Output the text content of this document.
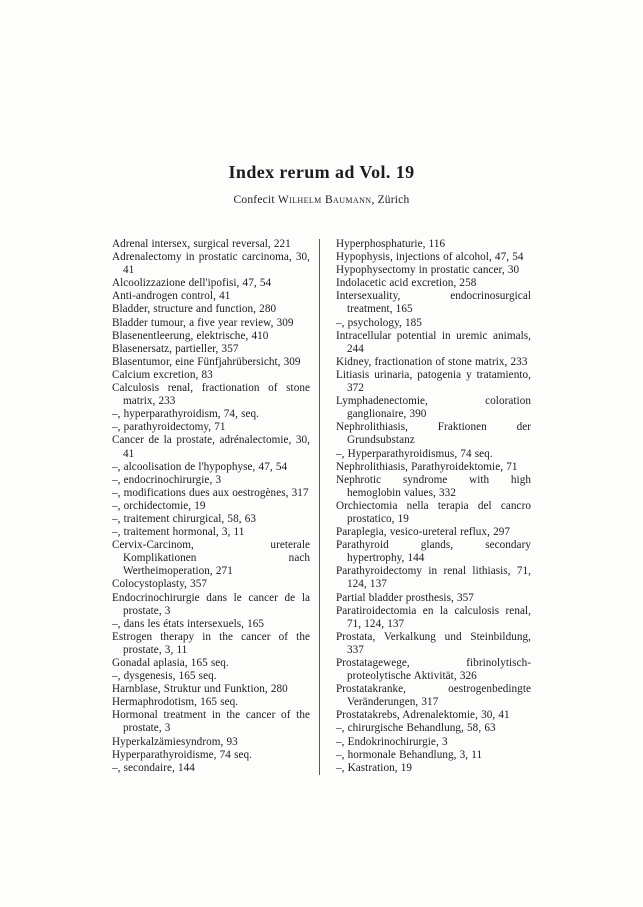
Index rerum ad Vol. 19
Confecit Wilhelm Baumann, Zürich
Adrenal intersex, surgical reversal, 221
Adrenalectomy in prostatic carcinoma, 30, 41
Alcoolizzazione dell'ipofisi, 47, 54
Anti-androgen control, 41
Bladder, structure and function, 280
Bladder tumour, a five year review, 309
Blasenentleerung, elektrische, 410
Blasenersatz, partieller, 357
Blasentumor, eine Fünfjahrübersicht, 309
Calcium excretion, 83
Calculosis renal, fractionation of stone matrix, 233
–, hyperparathyroidism, 74, seq.
–, parathyroidectomy, 71
Cancer de la prostate, adrénalectomie, 30, 41
–, alcoolisation de l'hypophyse, 47, 54
–, endocrinochirurgie, 3
–, modifications dues aux oestrogènes, 317
–, orchidectomie, 19
–, traitement chirurgical, 58, 63
–, traitement hormonal, 3, 11
Cervix-Carcinom, ureterale Komplikationen nach Wertheimoperation, 271
Colocystoplasty, 357
Endocrinochirurgie dans le cancer de la prostate, 3
–, dans les états intersexuels, 165
Estrogen therapy in the cancer of the prostate, 3, 11
Gonadal aplasia, 165 seq.
–, dysgenesis, 165 seq.
Harnblase, Struktur und Funktion, 280
Hermaphrodotism, 165 seq.
Hormonal treatment in the cancer of the prostate, 3
Hyperkalzämiesyndrom, 93
Hyperparathyroidisme, 74 seq.
–, secondaire, 144
Hyperphosphaturie, 116
Hypophysis, injections of alcohol, 47, 54
Hypophysectomy in prostatic cancer, 30
Indolacetic acid excretion, 258
Intersexuality, endocrinosurgical treatment, 165
–, psychology, 185
Intracellular potential in uremic animals, 244
Kidney, fractionation of stone matrix, 233
Litiasis urinaria, patogenia y tratamiento, 372
Lymphadenectomie, coloration ganglionaire, 390
Nephrolithiasis, Fraktionen der Grundsubstanz
–, Hyperparathyroidismus, 74 seq.
Nephrolithiasis, Parathyroidektomie, 71
Nephrotic syndrome with high hemoglobin values, 332
Orchiectomia nella terapia del cancro prostatico, 19
Paraplegia, vesico-ureteral reflux, 297
Parathyroid glands, secondary hypertrophy, 144
Parathyroidectomy in renal lithiasis, 71, 124, 137
Partial bladder prosthesis, 357
Paratiroidectomia en la calculosis renal, 71, 124, 137
Prostata, Verkalkung und Steinbildung, 337
Prostatagewege, fibrinolytisch-proteolytische Aktivität, 326
Prostatakranke, oestrogenbedingte Veränderungen, 317
Prostatakrebs, Adrenalektomie, 30, 41
–, chirurgische Behandlung, 58, 63
–, Endokrinochirurgie, 3
–, hormonale Behandlung, 3, 11
–, Kastration, 19
